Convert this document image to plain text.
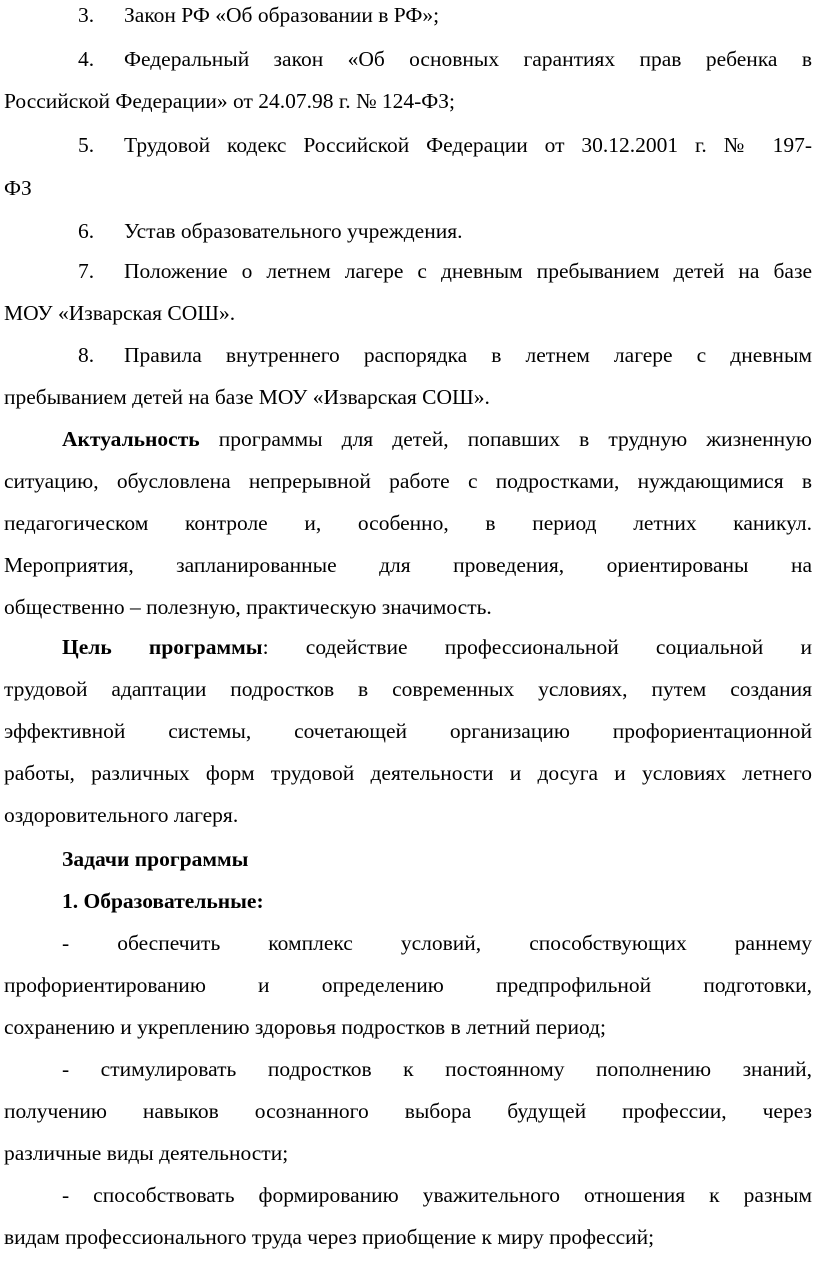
3. Закон РФ «Об образовании в РФ»;
4. Федеральный закон «Об основных гарантиях прав ребенка в
Российской Федерации» от 24.07.98 г. № 124-ФЗ;
5. Трудовой кодекс Российской Федерации от 30.12.2001 г. № 197-
ФЗ
6. Устав образовательного учреждения.
7. Положение о летнем лагере с дневным пребыванием детей на базе
МОУ «Изварская СОШ».
8. Правила внутреннего распорядка в летнем лагере с дневным
пребыванием детей на базе МОУ «Изварская СОШ».
Актуальность программы для детей, попавших в трудную жизненную
ситуацию, обусловлена непрерывной работе с подростками, нуждающимися в
педагогическом контроле и, особенно, в период летних каникул.
Мероприятия, запланированные для проведения, ориентированы на
общественно – полезную, практическую значимость.
Цель программы: содействие профессиональной социальной и
трудовой адаптации подростков в современных условиях, путем создания
эффективной системы, сочетающей организацию профориентационной
работы, различных форм трудовой деятельности и досуга и условиях летнего
оздоровительного лагеря.
Задачи программы
1. Образовательные:
- обеспечить комплекс условий, способствующих раннему
профориентированию и определению предпрофильной подготовки,
сохранению и укреплению здоровья подростков в летний период;
- стимулировать подростков к постоянному пополнению знаний,
получению навыков осознанного выбора будущей профессии, через
различные виды деятельности;
- способствовать формированию уважительного отношения к разным
видам профессионального труда через приобщение к миру профессий;
